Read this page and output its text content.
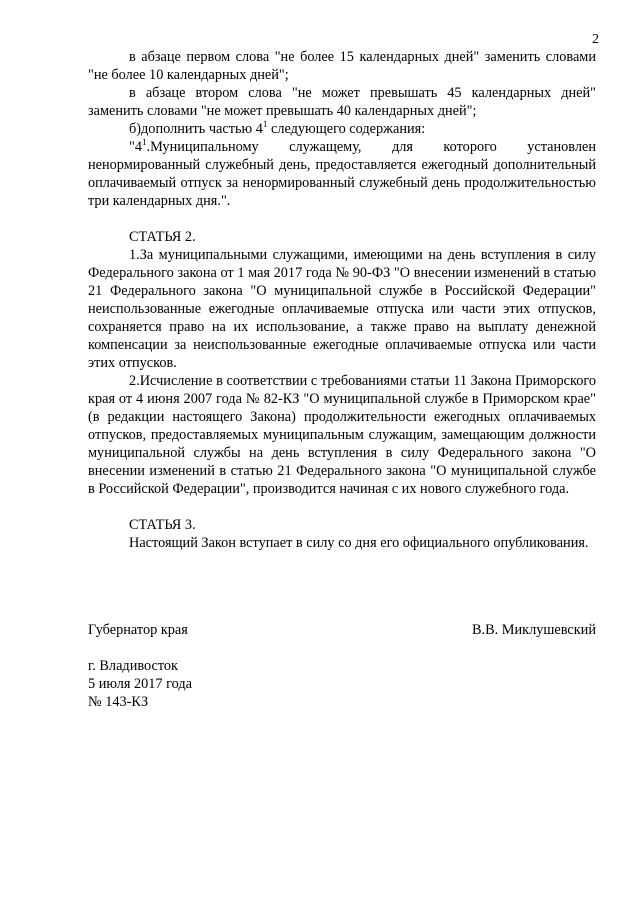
2

в абзаце первом слова "не более 15 календарных дней" заменить словами "не более 10 календарных дней";

в абзаце втором слова "не может превышать 45 календарных дней" заменить словами "не может превышать 40 календарных дней";

б)дополнить частью $4^1$ следующего содержания:

"$4^1.Муниципальному$ служащему, для которого установлен ненормированный служебный день, предоставляется ежегодный дополнительный оплачиваемый отпуск за ненормированный служебный день продолжительностью три календарных дня.".

СТАТЬЯ 2.

1.За муниципальными служащими, имеющими на день вступления в силу Федерального закона от 1 мая 2017 года № 90-ФЗ "О внесении изменений в статью 21 Федерального закона "О муниципальной службе в Российской Федерации" неиспользованные ежегодные оплачиваемые отпуска или части этих отпусков, сохраняется право на их использование, а также право на выплату денежной компенсации за неиспользованные ежегодные оплачиваемые отпуска или части этих отпусков.

2.Исчисление в соответствии с требованиями статьи 11 Закона Приморского края от 4 июня 2007 года № 82-КЗ "О муниципальной службе в Приморском крае" (в редакции настоящего Закона) продолжительности ежегодных оплачиваемых отпусков, предоставляемых муниципальным служащим, замещающим должности муниципальной службы на день вступления в силу Федерального закона "О внесении изменений в статью 21 Федерального закона "О муниципальной службе в Российской Федерации", производится начиная с их нового служебного года.

СТАТЬЯ 3.

Настоящий Закон вступает в силу со дня его официального опубликования.

Губернатор края	В.В. Миклушевский
г. Владивосток
5 июля 2017 года
№ 143-КЗ
